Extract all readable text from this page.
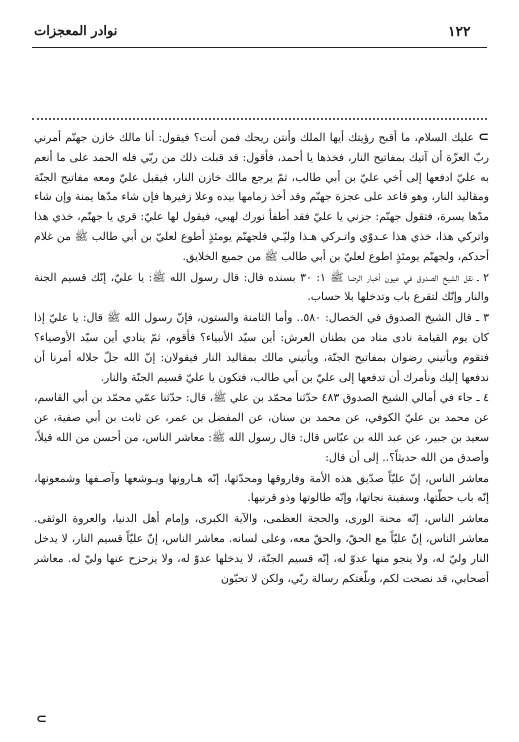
١٢٢
نوادر المعجزات

⊃ عليك السلام، ما أقبح رؤيتك أيها الملك وأنتن ريحك فمن أنت؟ فيقول: أنا مالك خازن جهنّم أمرني ربّ العزّة أن آتيك بمفاتيح النار، فخذها يا أحمد، فأقول: قد قبلت ذلك من ربّي فله الحمد على ما أنعم به عليّ ادفعها إلى أخي عليّ بن أبي طالب، ثمّ يرجع مالك خازن النار، فيقبل عليّ ومعه مفاتيح الجنّة ومقاليد النار، وهو قاعد على عجزة جهنّم وقد أخذ زمامها بيده وعلا زفيرها فإن شاء مدّها يمنة وإن شاء مدّها يسرة، فتقول جهنّم: جزني يا عليّ فقد أطفأ نورك لهبي، فيقول لها عليّ: قري يا جهنّم، خذي هذا واتركي هذا، خذي هذا عـدوّي واتـركي هـذا وليّـي فلجهنّم يومئذٍ أطوع لعليّ بن أبي طالب ﷺ من غلام أحدكم، ولجهنّم يومئذٍ اطوع لعليّ بن أبي طالب ﷺ من جميع الخلايق.

٢ ـ نقل الشيخ الصدوق في عيون أخبار الرضا ﷺ ١: ٣٠ بسنده قال: قال رسول الله ﷺ: يا عليّ، إنّك قسيم الجنة والنار وإنّك لتقرع باب وتدخلها بلا حساب.

٣ ـ قال الشيخ الصدوق في الخصال: ٥٨٠.. وأما الثامنة والستون، فإنّ رسول الله ﷺ قال: يا عليّ إذا كان يوم القيامة نادى مناد من بطنان العرش: أين سيّد الأنبياء؟ فأقوم، ثمّ ينادي أين سيّد الأوصياء؟ فتقوم ويأتيني رضوان بمفاتيح الجنّة، ويأتيني مالك بمقاليد النار فيقولان: إنّ الله جلّ جلاله أمرنا أن ندفعها إليك ونأمرك أن تدفعها إلى عليّ بن أبي طالب، فتكون يا عليّ قسيم الجنّة والنار.

٤ ـ جاء في أمالي الشيخ الصدوق ٤٨٣ حدّثنا محمّد بن علي ﷺ، قال: حدّثنا عمّي محمّد بن أبي القاسم، عن محمد بن عليّ الكوفي، عن محمد بن سنان، عن المفضل بن عمر، عن ثابت بن أبي صفية، عن سعيد بن جبير، عن عبد الله بن عبّاس قال: قال رسول الله ﷺ: معاشر الناس، من أحسن من الله قيلاً، وأصدق من الله حديثاً؟.. إلى أن قال:

معاشر الناس، إنّ عليّاً صدّيق هذه الأمة وفاروقها ومحدّثها، إنّه هـارونها ويـوشعها وآصـفها وشمعونها، إنّه باب حطّتها، وسفينة نجاتها، وإنّه طالوتها وذو قرنيها.

معاشر الناس، إنّه محنة الورى، والحجة العظمى، والآية الكبرى، وإمام أهل الدنيا، والعروة الوثقى. معاشر الناس، إنّ عليّاً مع الحقّ، والحقّ معه، وعلى لسانه. معاشر الناس، إنّ عليّاً قسيم النار، لا يدخل النار وليّ له، ولا ينجو منها عدوّ له، إنّه قسيم الجنّة، لا يدخلها عدوّ له، ولا يزحزح عنها وليّ له. معاشر أصحابي، قد نصحت لكم، وبلّغتكم رسالة ربّي، ولكن لا تحبّون

⊂
